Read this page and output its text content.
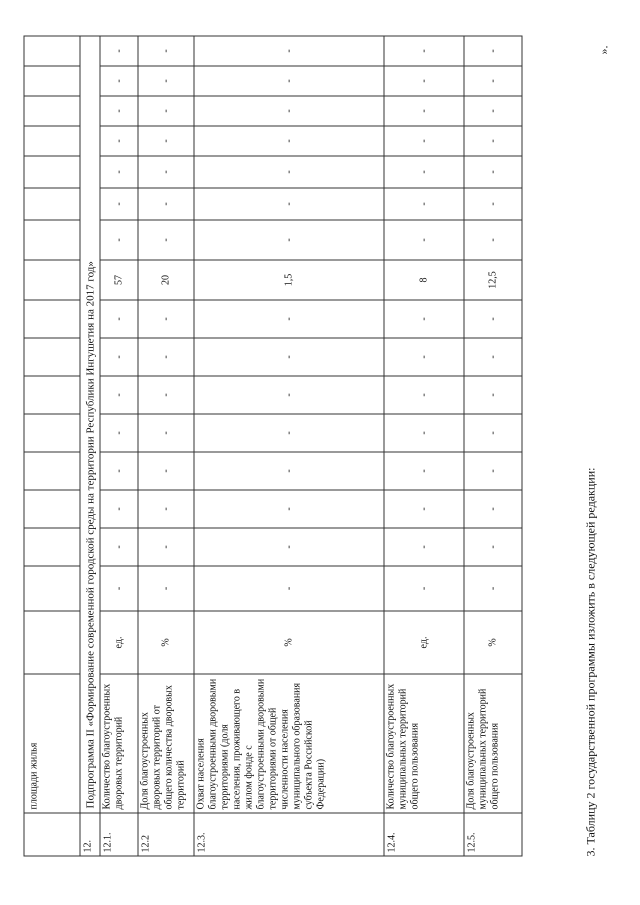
	площади жилья																	
12.	Подпрограмма II «Формирование современной городской среды на территории Республики Ингушетия на 2017 год»																	
12.1.	Количество благоустроенных дворовых территорий	ед.	-	-	-	-	-	-	-	-	57	-	-	-	-	-	-	-
12.2	Доля благоустроенных дворовых территорий от общего количества дворовых территорий	%	-	-	-	-	-	-	-	-	20	-	-	-	-	-	-	-
12.3.	Охват населения благоустроенными дворовыми территориями (доля населения, проживающего в жилом фонде с благоустроенными дворовыми территориями от общей численности населения муниципального образования субъекта Российской Федерации)	%	-	-	-	-	-	-	-	-	1,5	-	-	-	-	-	-	-
12.4.	Количество благоустроенных муниципальных территорий общего пользования	ед.	-	-	-	-	-	-	-	-	8	-	-	-	-	-	-	-
12.5.	Доля благоустроенных муниципальных территорий общего пользования	%	-	-	-	-	-	-	-	-	12,5	-	-	-	-	-	-	-
3. Таблицу 2 государственной программы изложить в следующей редакции:
».
